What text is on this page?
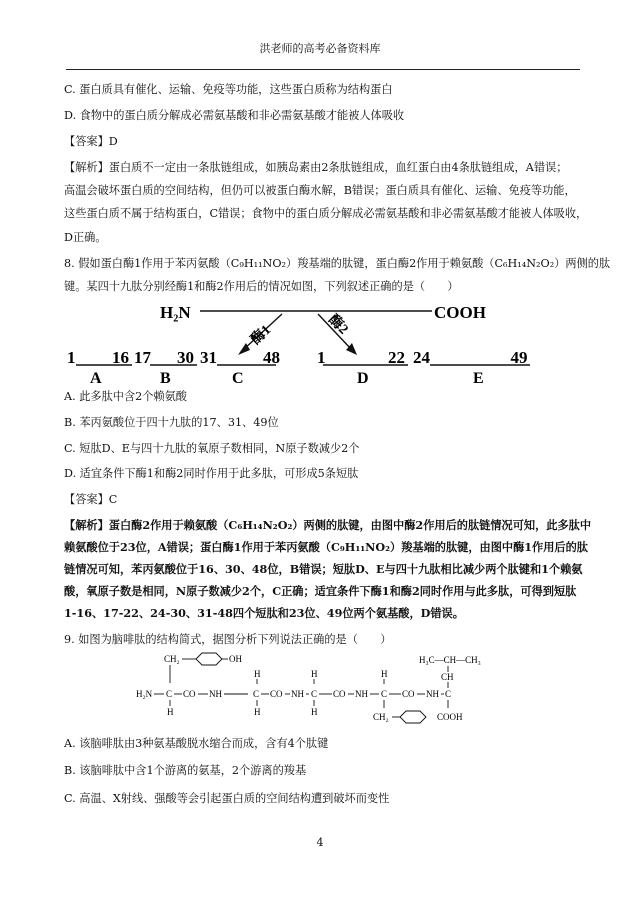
洪老师的高考必备资料库
C. 蛋白质具有催化、运输、免疫等功能，这些蛋白质称为结构蛋白
D. 食物中的蛋白质分解成必需氨基酸和非必需氨基酸才能被人体吸收
【答案】D
【解析】蛋白质不一定由一条肽链组成，如胰岛素由2条肽链组成，血红蛋白由4条肽链组成，A错误；
高温会破坏蛋白质的空间结构，但仍可以被蛋白酶水解，B错误；蛋白质具有催化、运输、免疫等功能，
这些蛋白质不属于结构蛋白，C错误；食物中的蛋白质分解成必需氨基酸和非必需氨基酸才能被人体吸收，
D正确。
8. 假如蛋白酶1作用于苯丙氨酸（C₉H₁₁NO₂）羧基端的肽键，蛋白酶2作用于赖氨酸（C₆H₁₄N₂O₂）两侧的肽
键。某四十九肽分别经酶1和酶2作用后的情况如图，下列叙述正确的是（　　）
H₂N	COOH
酶1	酶2
1 16
A
17 30
B
31	48
C
1	22
D
24	49
E
A. 此多肽中含2个赖氨酸
B. 苯丙氨酸位于四十九肽的17、31、49位
C. 短肽D、E与四十九肽的氧原子数相同，N原子数减少2个
D. 适宜条件下酶1和酶2同时作用于此多肽，可形成5条短肽
【答案】C
【解析】蛋白酶2作用于赖氨酸（C₆H₁₄N₂O₂）两侧的肽键，由图中酶2作用后的肽链情况可知，此多肽中
赖氨酸位于23位，A错误；蛋白酶1作用于苯丙氨酸（C₉H₁₁NO₂）羧基端的肽键，由图中酶1作用后的肽
链情况可知，苯丙氨酸位于16、30、48位，B错误；短肽D、E与四十九肽相比减少两个肽键和1个赖氨
酸，氧原子数是相同，N原子数减少2个，C正确；适宜条件下酶1和酶2同时作用与此多肽，可得到短肽
1-16、17-22、24-30、31-48四个短肽和23位、49位两个氨基酸，D错误。
9. 如图为脑啡肽的结构简式，据图分析下列说法正确的是（　　）
CH₂	OH
H	H	H
H₃C—CH—CH₃
CH
H₂N C CO NH	C CO NH C CO NH C CO NH C
H	H	H	CH₂	COOH
A. 该脑啡肽由3种氨基酸脱水缩合而成，含有4个肽键
B. 该脑啡肽中含1个游离的氨基，2个游离的羧基
C. 高温、X射线、强酸等会引起蛋白质的空间结构遭到破坏而变性
4
